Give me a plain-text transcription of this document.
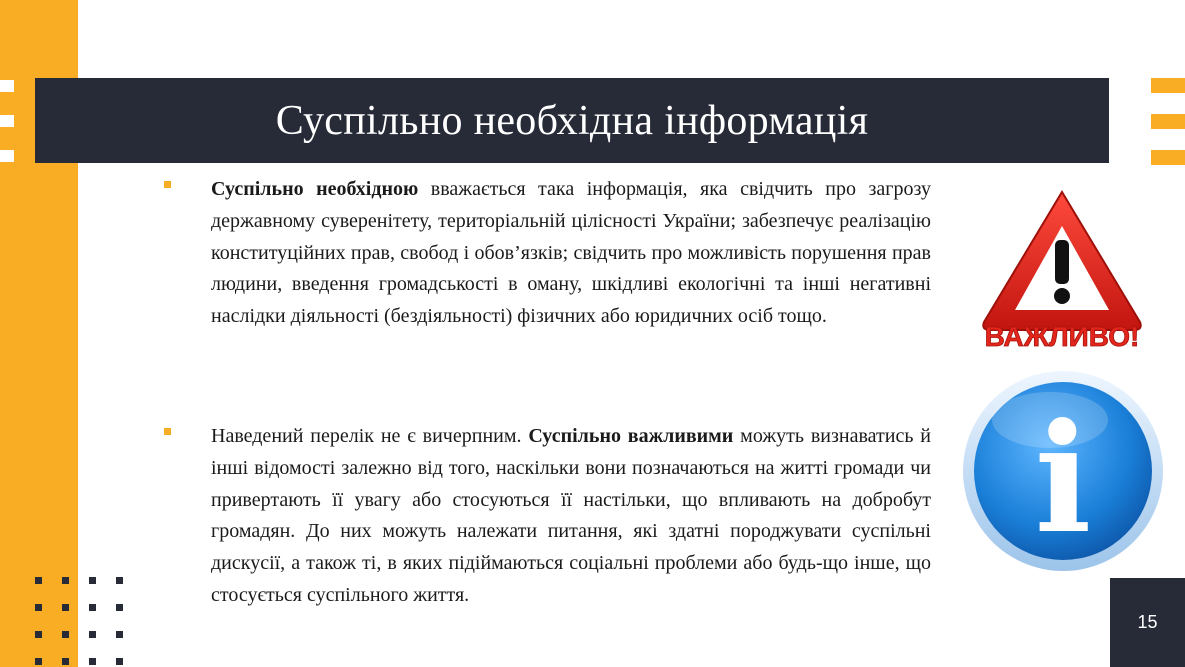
Суспільно необхідна інформація

Суспільно необхідною вважається така інформація, яка свідчить про загрозу державному суверенітету, територіальній цілісності України; забезпечує реалізацію конституційних прав, свобод і обов’язків; свідчить про можливість порушення прав людини, введення громадськості в оману, шкідливі екологічні та інші негативні наслідки діяльності (бездіяльності) фізичних або юридичних осіб тощо.

Наведений перелік не є вичерпним. Суспільно важливими можуть визнаватись й інші відомості залежно від того, наскільки вони позначаються на житті громади чи привертають її увагу або стосуються її настільки, що впливають на добробут громадян. До них можуть належати питання, які здатні породжувати суспільні дискусії, а також ті, в яких підіймаються соціальні проблеми або будь-що інше, що стосується суспільного життя.

15
ВАЖЛИВО!
i
